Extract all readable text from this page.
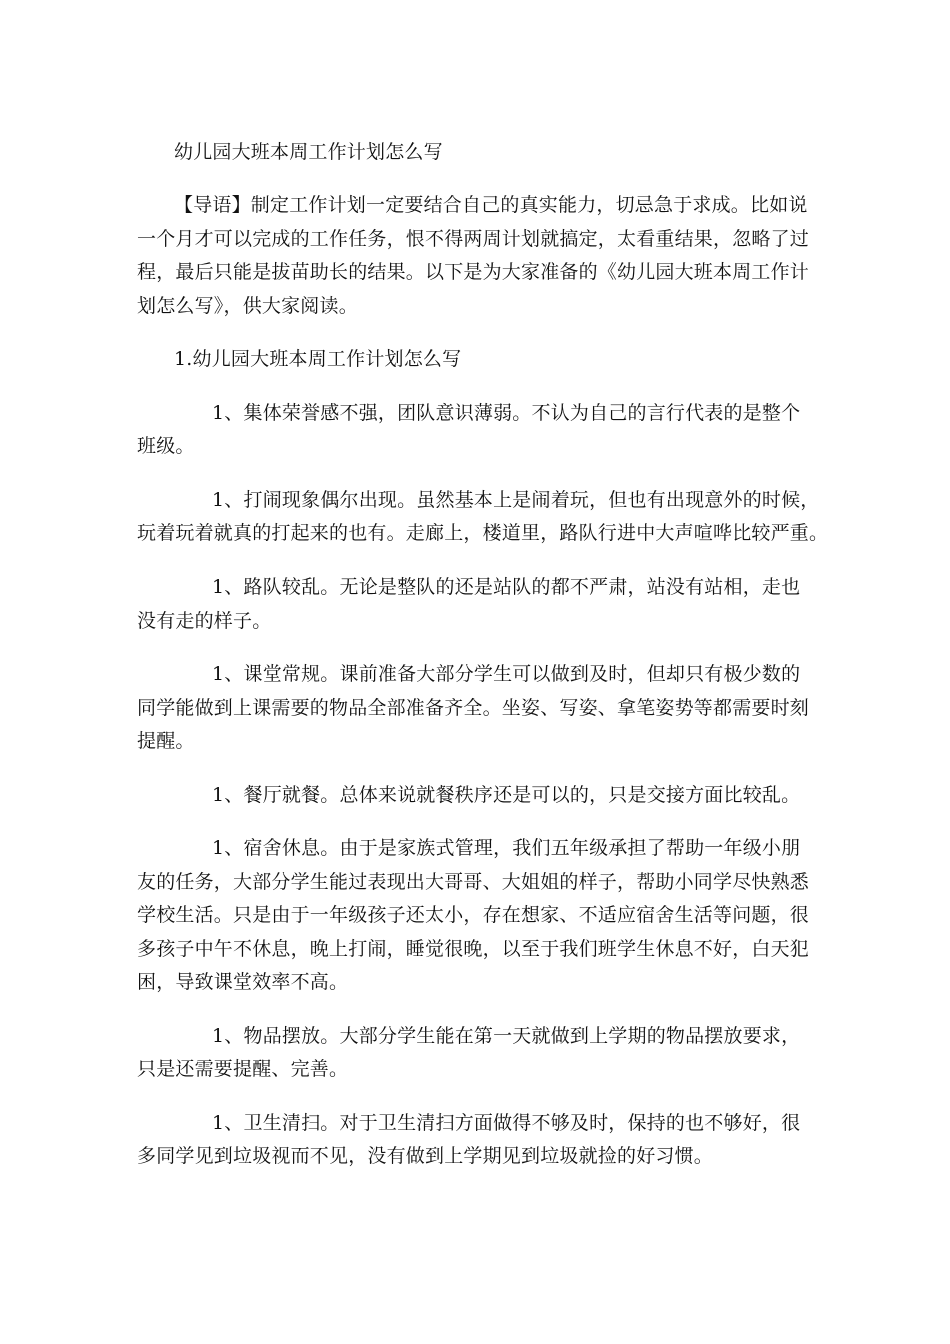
幼儿园大班本周工作计划怎么写
【导语】制定工作计划一定要结合自己的真实能力，切忌急于求成。比如说
一个月才可以完成的工作任务，恨不得两周计划就搞定，太看重结果，忽略了过
程，最后只能是拔苗助长的结果。以下是为大家准备的《幼儿园大班本周工作计
划怎么写》，供大家阅读。
1.幼儿园大班本周工作计划怎么写
1、集体荣誉感不强，团队意识薄弱。不认为自己的言行代表的是整个
班级。
1、打闹现象偶尔出现。虽然基本上是闹着玩，但也有出现意外的时候，
玩着玩着就真的打起来的也有。走廊上，楼道里，路队行进中大声喧哗比较严重。
1、路队较乱。无论是整队的还是站队的都不严肃，站没有站相，走也
没有走的样子。
1、课堂常规。课前准备大部分学生可以做到及时，但却只有极少数的
同学能做到上课需要的物品全部准备齐全。坐姿、写姿、拿笔姿势等都需要时刻
提醒。
1、餐厅就餐。总体来说就餐秩序还是可以的，只是交接方面比较乱。
1、宿舍休息。由于是家族式管理，我们五年级承担了帮助一年级小朋
友的任务，大部分学生能过表现出大哥哥、大姐姐的样子，帮助小同学尽快熟悉
学校生活。只是由于一年级孩子还太小，存在想家、不适应宿舍生活等问题，很
多孩子中午不休息，晚上打闹，睡觉很晚，以至于我们班学生休息不好，白天犯
困，导致课堂效率不高。
1、物品摆放。大部分学生能在第一天就做到上学期的物品摆放要求，
只是还需要提醒、完善。
1、卫生清扫。对于卫生清扫方面做得不够及时，保持的也不够好，很
多同学见到垃圾视而不见，没有做到上学期见到垃圾就捡的好习惯。
